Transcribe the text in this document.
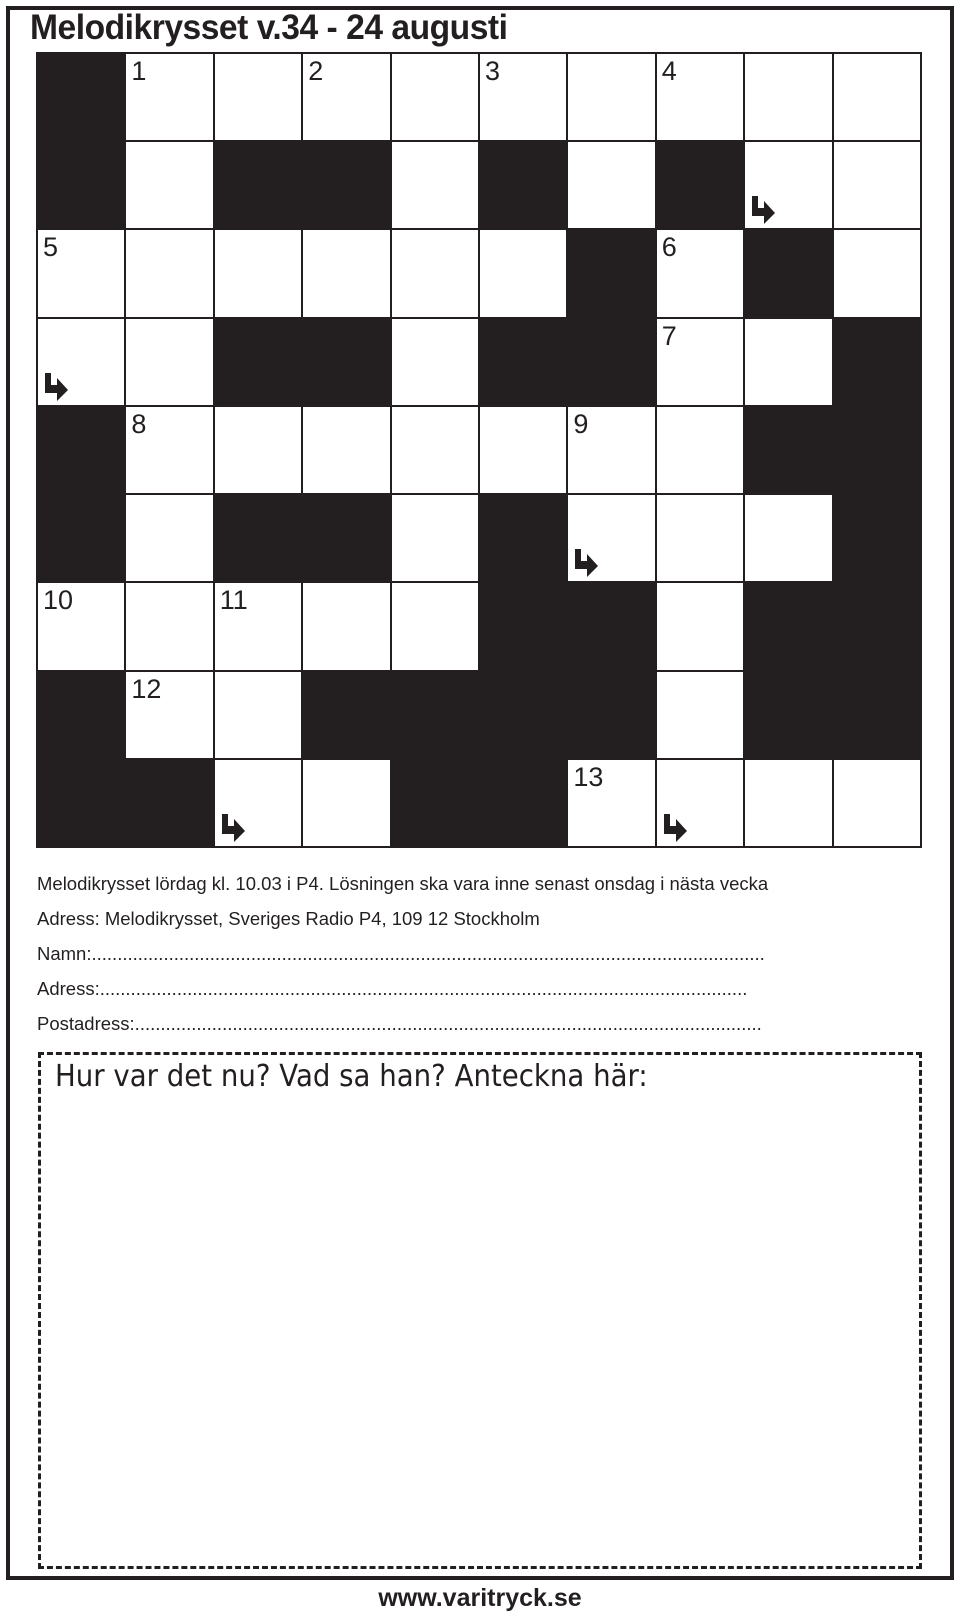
Melodikrysset v.34 - 24 augusti
1	2	3	4
5	6
7
8	9
10	11
12
13
Melodikrysset lördag kl. 10.03 i P4. Lösningen ska vara inne senast onsdag i nästa vecka
Adress: Melodikrysset, Sveriges Radio P4, 109 12 Stockholm
Namn:...................................................................................................................................
Adress:..............................................................................................................................
Postadress:..........................................................................................................................
Hur var det nu? Vad sa han? Anteckna här:
www.varitryck.se
